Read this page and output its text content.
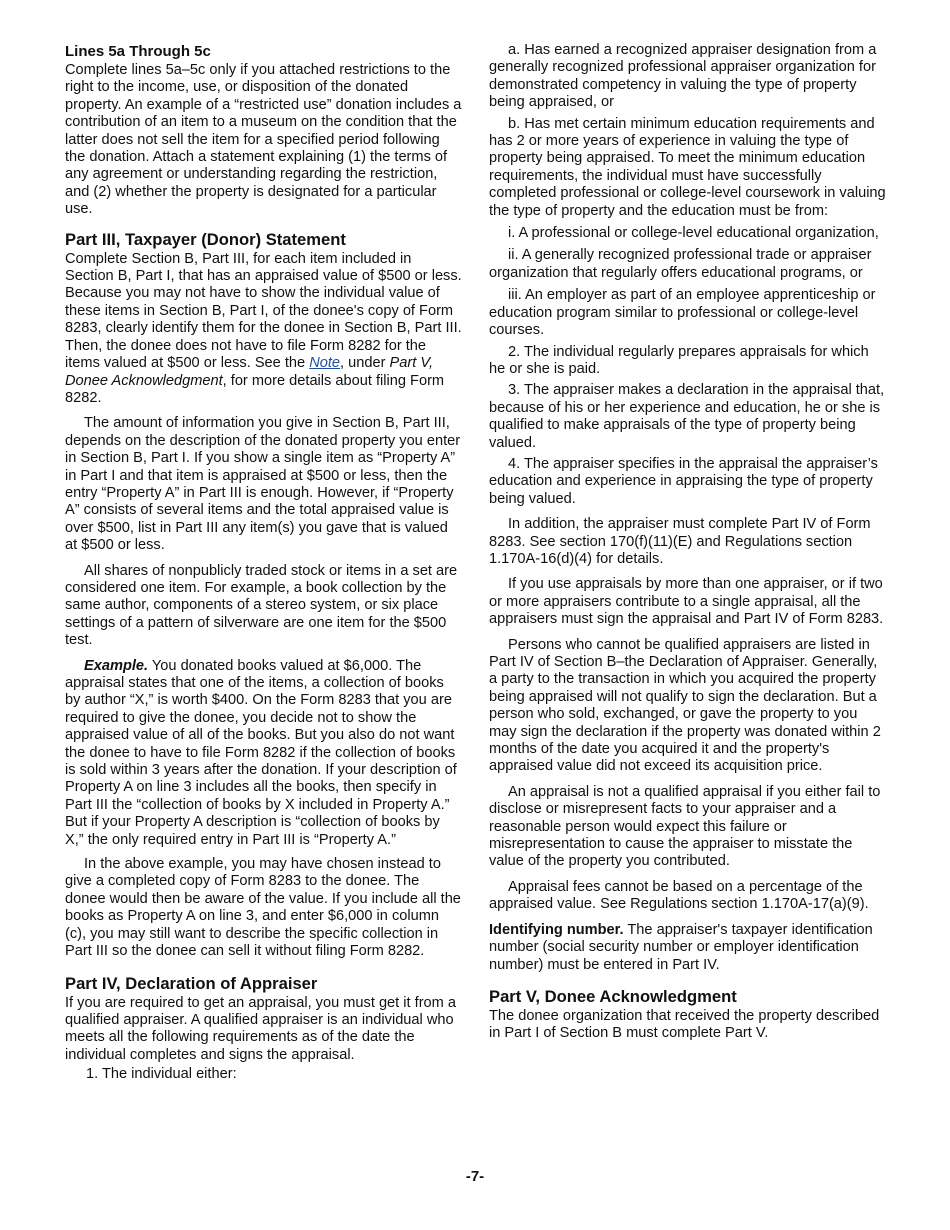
Lines 5a Through 5c

Complete lines 5a–5c only if you attached restrictions to the right to the income, use, or disposition of the donated property. An example of a “restricted use” donation includes a contribution of an item to a museum on the condition that the latter does not sell the item for a specified period following the donation. Attach a statement explaining (1) the terms of any agreement or understanding regarding the restriction, and (2) whether the property is designated for a particular use.

Part III, Taxpayer (Donor) Statement

Complete Section B, Part III, for each item included in Section B, Part I, that has an appraised value of $500 or less. Because you may not have to show the individual value of these items in Section B, Part I, of the donee's copy of Form 8283, clearly identify them for the donee in Section B, Part III. Then, the donee does not have to file Form 8282 for the items valued at $500 or less. See the Note, under Part V, Donee Acknowledgment, for more details about filing Form 8282.

The amount of information you give in Section B, Part III, depends on the description of the donated property you enter in Section B, Part I. If you show a single item as “Property A” in Part I and that item is appraised at $500 or less, then the entry “Property A” in Part III is enough. However, if “Property A” consists of several items and the total appraised value is over $500, list in Part III any item(s) you gave that is valued at $500 or less.

All shares of nonpublicly traded stock or items in a set are considered one item. For example, a book collection by the same author, components of a stereo system, or six place settings of a pattern of silverware are one item for the $500 test.

Example. You donated books valued at $6,000. The appraisal states that one of the items, a collection of books by author “X,” is worth $400. On the Form 8283 that you are required to give the donee, you decide not to show the appraised value of all of the books. But you also do not want the donee to have to file Form 8282 if the collection of books is sold within 3 years after the donation. If your description of Property A on line 3 includes all the books, then specify in Part III the “collection of books by X included in Property A.” But if your Property A description is “collection of books by X,” the only required entry in Part III is “Property A.”

In the above example, you may have chosen instead to give a completed copy of Form 8283 to the donee. The donee would then be aware of the value. If you include all the books as Property A on line 3, and enter $6,000 in column (c), you may still want to describe the specific collection in Part III so the donee can sell it without filing Form 8282.

Part IV, Declaration of Appraiser

If you are required to get an appraisal, you must get it from a qualified appraiser. A qualified appraiser is an individual who meets all the following requirements as of the date the individual completes and signs the appraisal.

1. The individual either:

a. Has earned a recognized appraiser designation from a generally recognized professional appraiser organization for demonstrated competency in valuing the type of property being appraised, or

b. Has met certain minimum education requirements and has 2 or more years of experience in valuing the type of property being appraised. To meet the minimum education requirements, the individual must have successfully completed professional or college-level coursework in valuing the type of property and the education must be from:

i. A professional or college-level educational organization,

ii. A generally recognized professional trade or appraiser organization that regularly offers educational programs, or

iii. An employer as part of an employee apprenticeship or education program similar to professional or college-level courses.

2. The individual regularly prepares appraisals for which he or she is paid.

3. The appraiser makes a declaration in the appraisal that, because of his or her experience and education, he or she is qualified to make appraisals of the type of property being valued.

4. The appraiser specifies in the appraisal the appraiser’s education and experience in appraising the type of property being valued.

In addition, the appraiser must complete Part IV of Form 8283. See section 170(f)(11)(E) and Regulations section 1.170A-16(d)(4) for details.

If you use appraisals by more than one appraiser, or if two or more appraisers contribute to a single appraisal, all the appraisers must sign the appraisal and Part IV of Form 8283.

Persons who cannot be qualified appraisers are listed in Part IV of Section B–the Declaration of Appraiser. Generally, a party to the transaction in which you acquired the property being appraised will not qualify to sign the declaration. But a person who sold, exchanged, or gave the property to you may sign the declaration if the property was donated within 2 months of the date you acquired it and the property's appraised value did not exceed its acquisition price.

An appraisal is not a qualified appraisal if you either fail to disclose or misrepresent facts to your appraiser and a reasonable person would expect this failure or misrepresentation to cause the appraiser to misstate the value of the property you contributed.

Appraisal fees cannot be based on a percentage of the appraised value. See Regulations section 1.170A-17(a)(9).

Identifying number. The appraiser's taxpayer identification number (social security number or employer identification number) must be entered in Part IV.

Part V, Donee Acknowledgment

The donee organization that received the property described in Part I of Section B must complete Part V.

-7-
